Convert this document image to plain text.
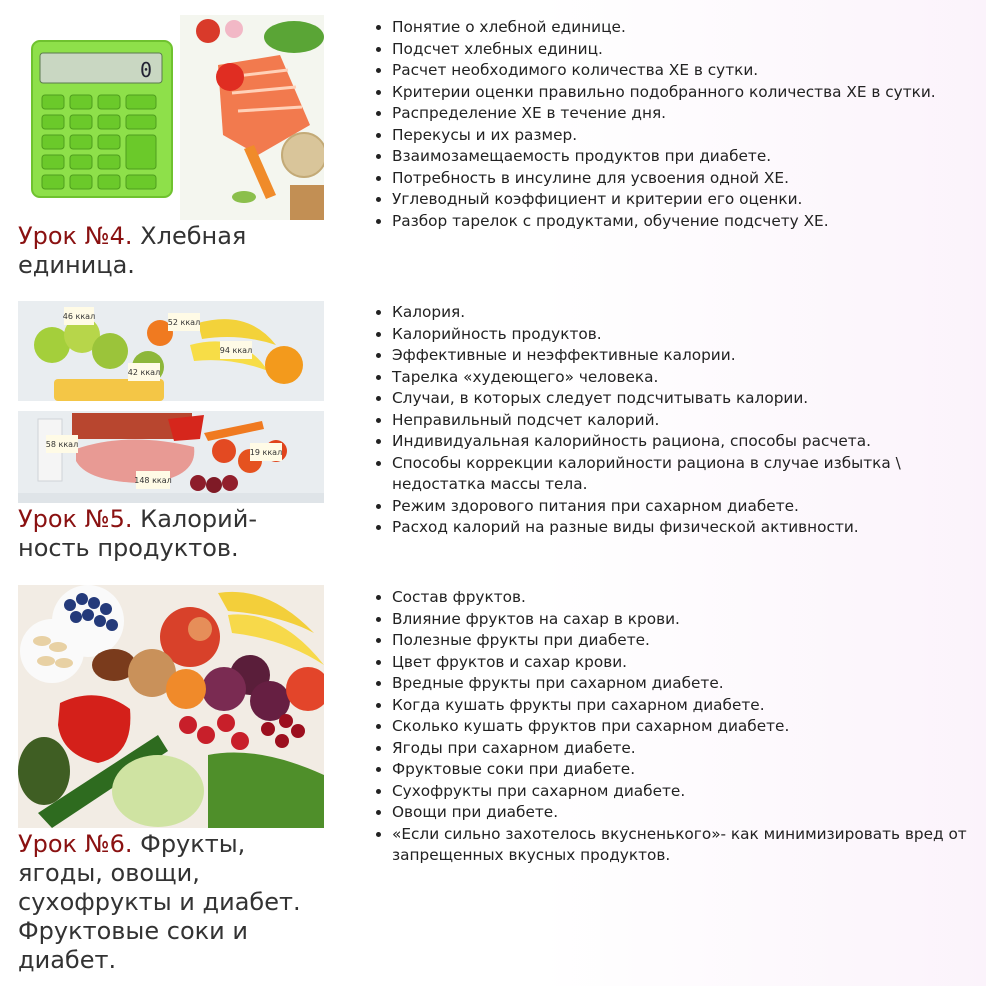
0
Урок №4. Хлебная
единица.
• Понятие о хлебной единице.
• Подсчет хлебных единиц.
• Расчет необходимого количества ХЕ в сутки.
• Критерии оценки правильно подобранного количества ХЕ в сутки.
• Распределение ХЕ в течение дня.
• Перекусы и их размер.
• Взаимозамещаемость продуктов при диабете.
• Потребность в инсулине для усвоения одной ХЕ.
• Углеводный коэффициент и критерии его оценки.
• Разбор тарелок с продуктами, обучение подсчету ХЕ.
46 ккал
52 ккал
94 ккал
42 ккал
58 ккал
19 ккал
148 ккал
Урок №5. Калорий-
ность продуктов.
• Калория.
• Калорийность продуктов.
• Эффективные и неэффективные калории.
• Тарелка «худеющего» человека.
• Случаи, в которых следует подсчитывать калории.
• Неправильный подсчет калорий.
• Индивидуальная калорийность рациона, способы расчета.
• Способы коррекции калорийности рациона в случае избытка \ недостатка массы тела.
• Режим здорового питания при сахарном диабете.
• Расход калорий на разные виды физической активности.
Урок №6. Фрукты,
ягоды, овощи,
сухофрукты и диабет.
Фруктовые соки и
диабет.
• Состав фруктов.
• Влияние фруктов на сахар в крови.
• Полезные фрукты при диабете.
• Цвет фруктов и сахар крови.
• Вредные фрукты при сахарном диабете.
• Когда кушать фрукты при сахарном диабете.
• Сколько кушать фруктов при сахарном диабете.
• Ягоды при сахарном диабете.
• Фруктовые соки при диабете.
• Сухофрукты при сахарном диабете.
• Овощи при диабете.
• «Если сильно захотелось вкусненького»- как минимизировать вред от запрещенных вкусных продуктов.
